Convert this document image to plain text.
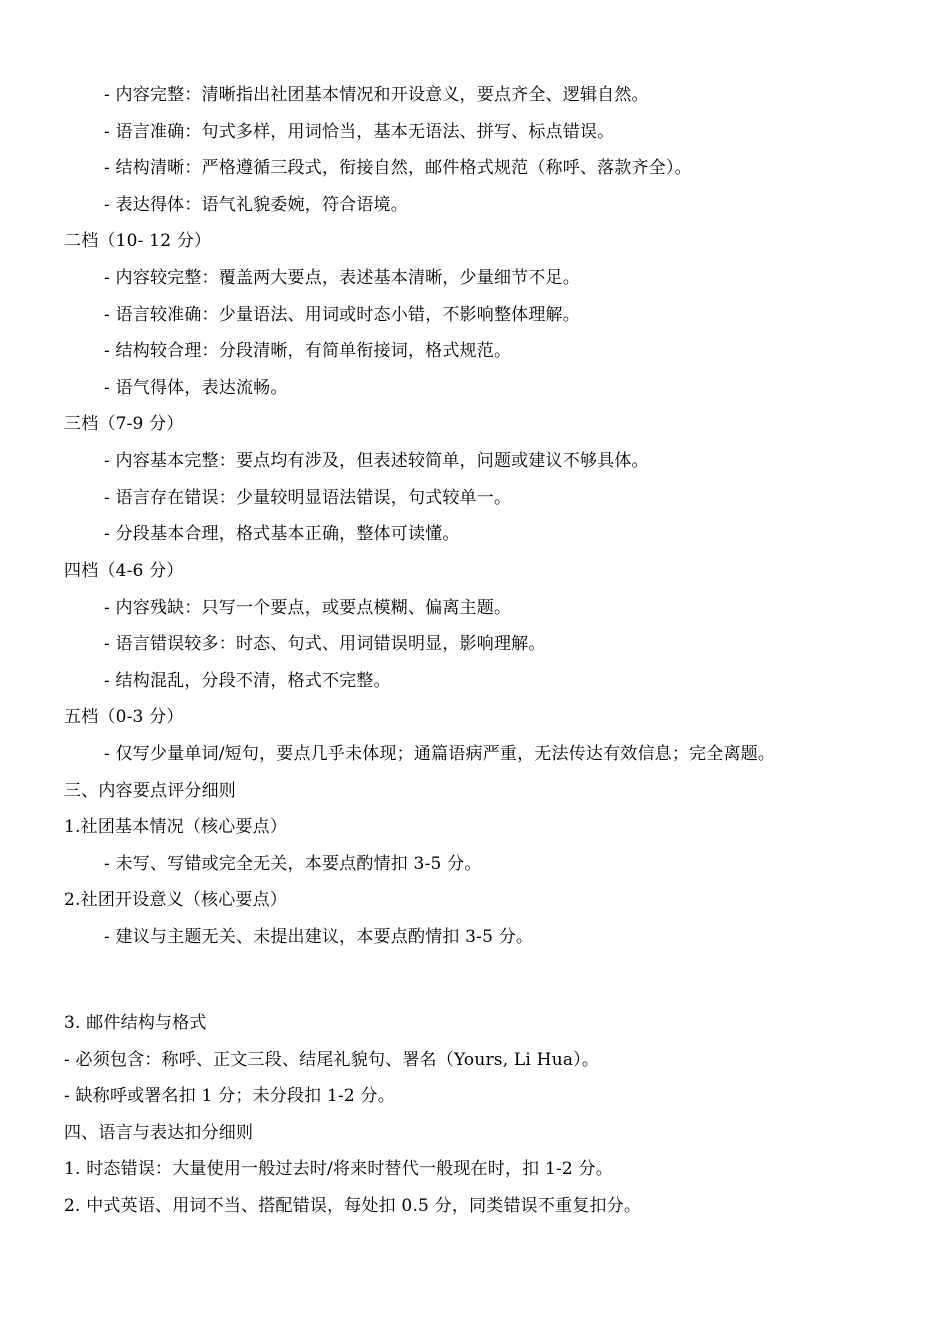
- 内容完整：清晰指出社团基本情况和开设意义，要点齐全、逻辑自然。
- 语言准确：句式多样，用词恰当，基本无语法、拼写、标点错误。
- 结构清晰：严格遵循三段式，衔接自然，邮件格式规范（称呼、落款齐全）。
- 表达得体：语气礼貌委婉，符合语境。
二档（10- 12 分）
- 内容较完整：覆盖两大要点，表述基本清晰，少量细节不足。
- 语言较准确：少量语法、用词或时态小错，不影响整体理解。
- 结构较合理：分段清晰，有简单衔接词，格式规范。
- 语气得体，表达流畅。
三档（7-9 分）
- 内容基本完整：要点均有涉及，但表述较简单，问题或建议不够具体。
- 语言存在错误：少量较明显语法错误，句式较单一。
- 分段基本合理，格式基本正确，整体可读懂。
四档（4-6 分）
- 内容残缺：只写一个要点，或要点模糊、偏离主题。
- 语言错误较多：时态、句式、用词错误明显，影响理解。
- 结构混乱，分段不清，格式不完整。
五档（0-3 分）
- 仅写少量单词/短句，要点几乎未体现；通篇语病严重，无法传达有效信息；完全离题。
三、内容要点评分细则
1.社团基本情况（核心要点）
- 未写、写错或完全无关，本要点酌情扣 3-5 分。
2.社团开设意义（核心要点）
- 建议与主题无关、未提出建议，本要点酌情扣 3-5 分。
3. 邮件结构与格式
- 必须包含：称呼、正文三段、结尾礼貌句、署名（Yours, Li Hua）。
- 缺称呼或署名扣 1 分；未分段扣 1-2 分。
四、语言与表达扣分细则
1. 时态错误：大量使用一般过去时/将来时替代一般现在时，扣 1-2 分。
2. 中式英语、用词不当、搭配错误，每处扣 0.5 分，同类错误不重复扣分。
